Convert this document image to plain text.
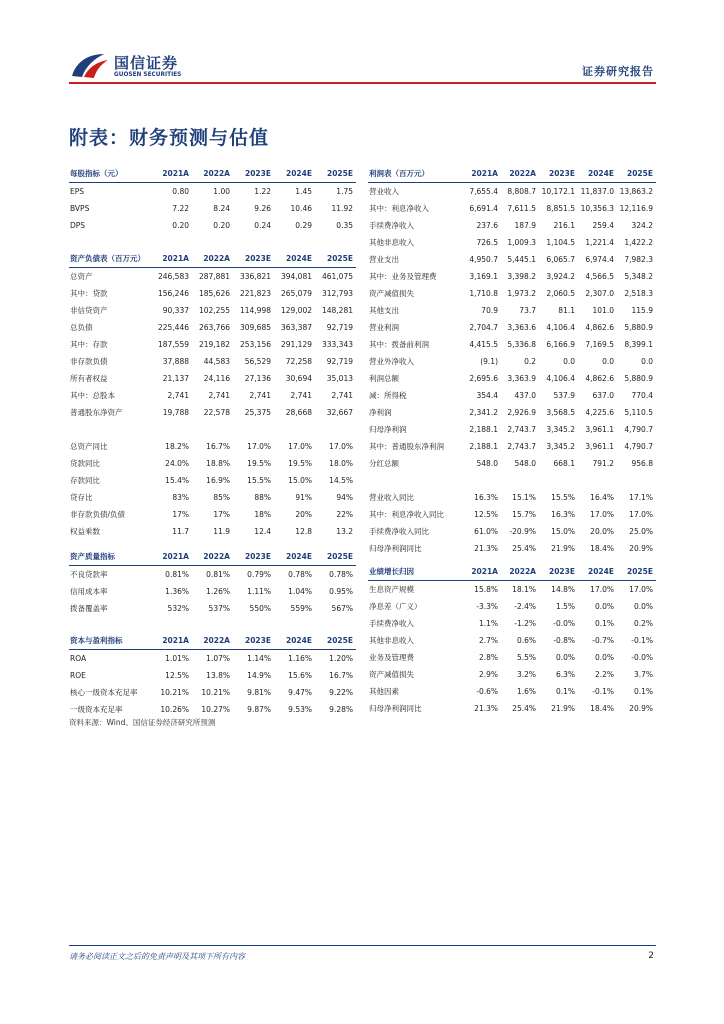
国信证券
GUOSEN SECURITIES	证券研究报告
附表：财务预测与估值
每股指标（元）	2021A	2022A	2023E	2024E	2025E
EPS	0.80	1.00	1.22	1.45	1.75
BVPS	7.22	8.24	9.26	10.46	11.92
DPS	0.20	0.20	0.24	0.29	0.35
资产负债表（百万元）	2021A	2022A	2023E	2024E	2025E
总资产	246,583	287,881	336,821	394,081	461,075
其中：贷款	156,246	185,626	221,823	265,079	312,793
非信贷资产	90,337	102,255	114,998	129,002	148,281
总负债	225,446	263,766	309,685	363,387	92,719
其中：存款	187,559	219,182	253,156	291,129	333,343
非存款负债	37,888	44,583	56,529	72,258	92,719
所有者权益	21,137	24,116	27,136	30,694	35,013
其中：总股本	2,741	2,741	2,741	2,741	2,741
普通股东净资产	19,788	22,578	25,375	28,668	32,667

总资产同比	18.2%	16.7%	17.0%	17.0%	17.0%
贷款同比	24.0%	18.8%	19.5%	19.5%	18.0%
存款同比	15.4%	16.9%	15.5%	15.0%	14.5%
贷存比	83%	85%	88%	91%	94%
非存款负债/负债	17%	17%	18%	20%	22%
权益乘数	11.7	11.9	12.4	12.8	13.2
资产质量指标	2021A	2022A	2023E	2024E	2025E
不良贷款率	0.81%	0.81%	0.79%	0.78%	0.78%
信用成本率	1.36%	1.26%	1.11%	1.04%	0.95%
拨备覆盖率	532%	537%	550%	559%	567%
资本与盈利指标	2021A	2022A	2023E	2024E	2025E
ROA	1.01%	1.07%	1.14%	1.16%	1.20%
ROE	12.5%	13.8%	14.9%	15.6%	16.7%
核心一级资本充足率	10.21%	10.21%	9.81%	9.47%	9.22%
一级资本充足率	10.26%	10.27%	9.87%	9.53%	9.28%
利润表（百万元）	2021A	2022A	2023E	2024E	2025E
营业收入	7,655.4	8,808.7	10,172.1	11,837.0	13,863.2
其中：利息净收入	6,691.4	7,611.5	8,851.5	10,356.3	12,116.9
手续费净收入	237.6	187.9	216.1	259.4	324.2
其他非息收入	726.5	1,009.3	1,104.5	1,221.4	1,422.2
营业支出	4,950.7	5,445.1	6,065.7	6,974.4	7,982.3
其中：业务及管理费	3,169.1	3,398.2	3,924.2	4,566.5	5,348.2
资产减值损失	1,710.8	1,973.2	2,060.5	2,307.0	2,518.3
其他支出	70.9	73.7	81.1	101.0	115.9
营业利润	2,704.7	3,363.6	4,106.4	4,862.6	5,880.9
其中：拨备前利润	4,415.5	5,336.8	6,166.9	7,169.5	8,399.1
营业外净收入	(9.1)	0.2	0.0	0.0	0.0
利润总额	2,695.6	3,363.9	4,106.4	4,862.6	5,880.9
减：所得税	354.4	437.0	537.9	637.0	770.4
净利润	2,341.2	2,926.9	3,568.5	4,225.6	5,110.5
归母净利润	2,188.1	2,743.7	3,345.2	3,961.1	4,790.7
其中：普通股东净利润	2,188.1	2,743.7	3,345.2	3,961.1	4,790.7
分红总额	548.0	548.0	668.1	791.2	956.8

营业收入同比	16.3%	15.1%	15.5%	16.4%	17.1%
其中：利息净收入同比	12.5%	15.7%	16.3%	17.0%	17.0%
手续费净收入同比	61.0%	-20.9%	15.0%	20.0%	25.0%
归母净利润同比	21.3%	25.4%	21.9%	18.4%	20.9%
业绩增长归因	2021A	2022A	2023E	2024E	2025E
生息资产规模	15.8%	18.1%	14.8%	17.0%	17.0%
净息差（广义）	-3.3%	-2.4%	1.5%	0.0%	0.0%
手续费净收入	1.1%	-1.2%	-0.0%	0.1%	0.2%
其他非息收入	2.7%	0.6%	-0.8%	-0.7%	-0.1%
业务及管理费	2.8%	5.5%	0.0%	0.0%	-0.0%
资产减值损失	2.9%	3.2%	6.3%	2.2%	3.7%
其他因素	-0.6%	1.6%	0.1%	-0.1%	0.1%
归母净利润同比	21.3%	25.4%	21.9%	18.4%	20.9%
资料来源：Wind、国信证券经济研究所预测
请务必阅读正文之后的免责声明及其项下所有内容	2
